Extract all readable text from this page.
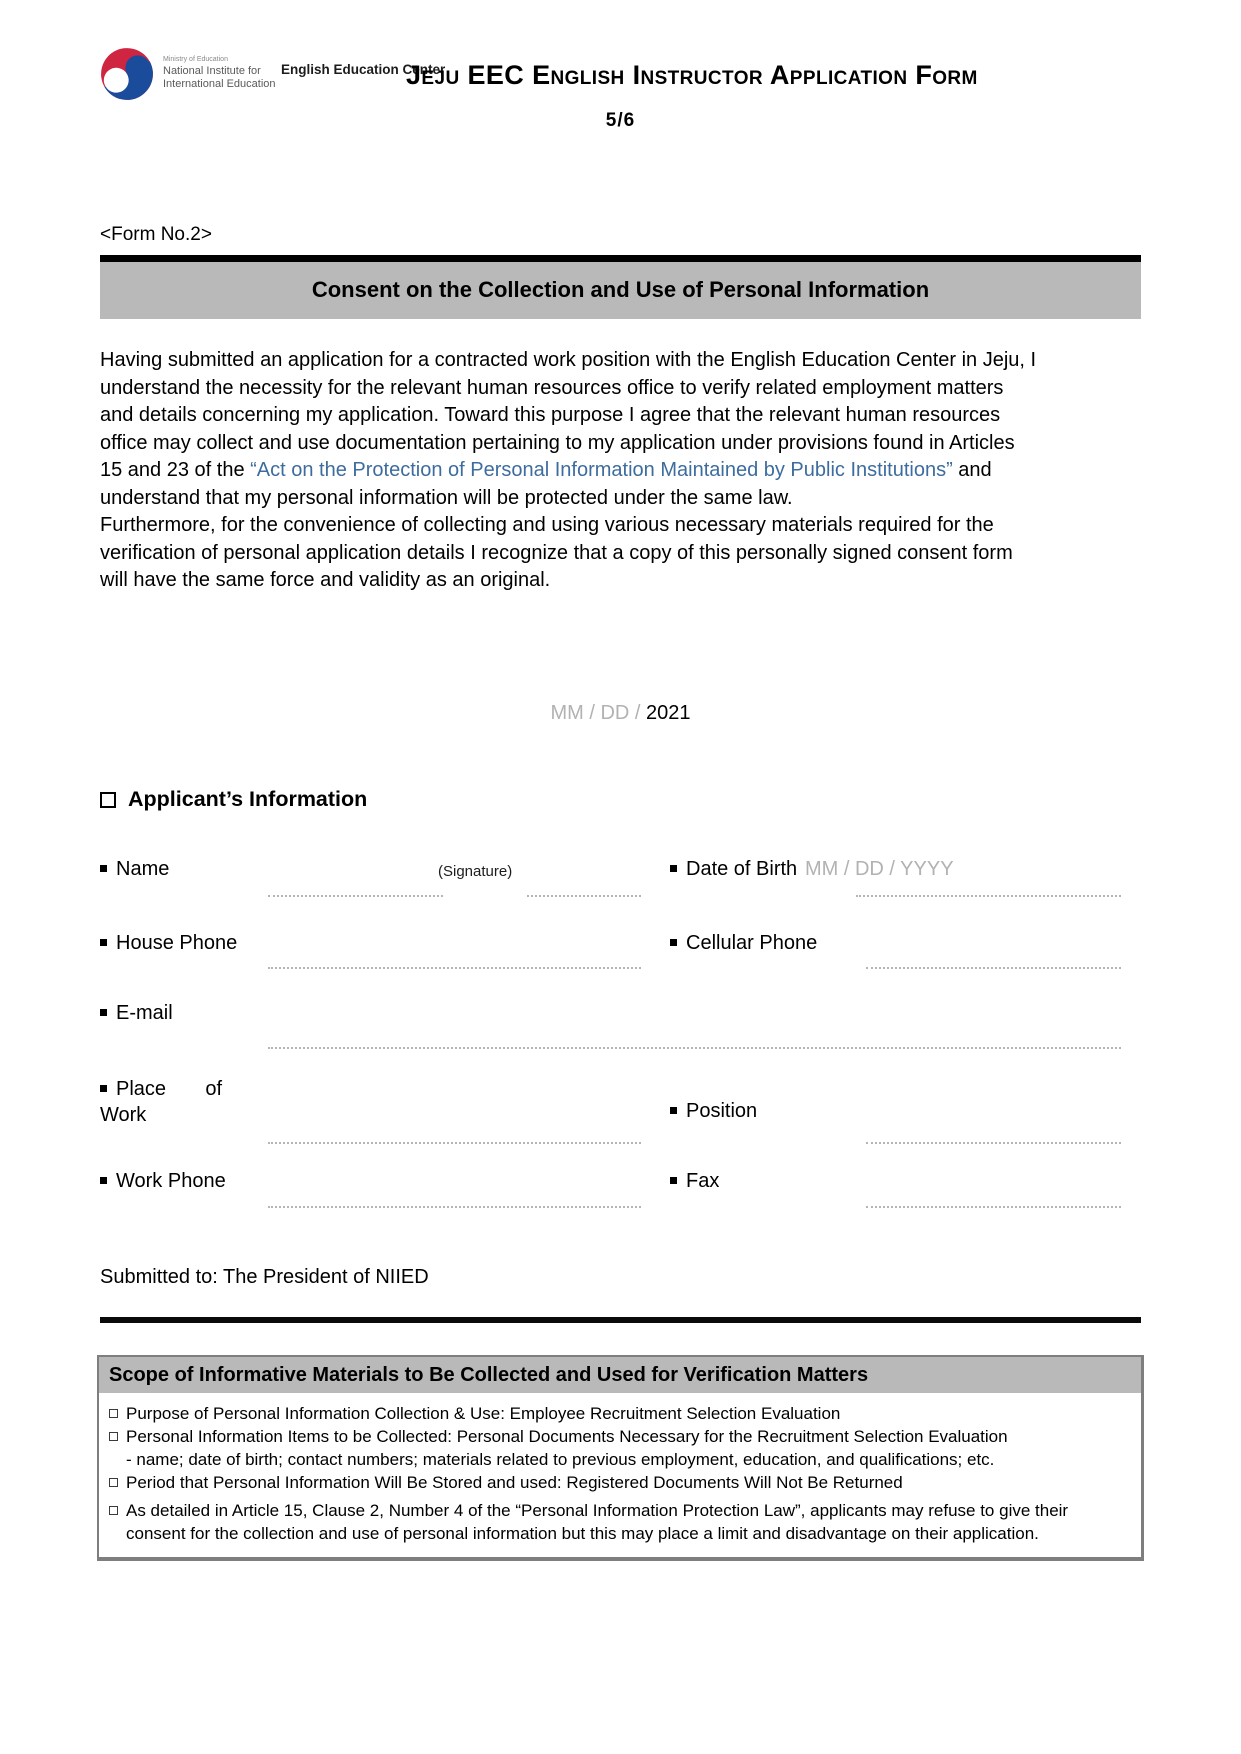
Ministry of Education
National Institute for
International Education
English Education Center
Jeju EEC English Instructor Application Form
5/6
<Form No.2>
Consent on the Collection and Use of Personal Information

Having submitted an application for a contracted work position with the English Education Center in Jeju, I understand the necessity for the relevant human resources office to verify related employment matters and details concerning my application. Toward this purpose I agree that the relevant human resources office may collect and use documentation pertaining to my application under provisions found in Articles 15 and 23 of the “Act on the Protection of Personal Information Maintained by Public Institutions” and understand that my personal information will be protected under the same law.

Furthermore, for the convenience of collecting and using various necessary materials required for the verification of personal application details I recognize that a copy of this personally signed consent form will have the same force and validity as an original.

MM / DD / 2021
Applicant’s Information
Name	(Signature)	Date of Birth MM / DD / YYYY
House Phone	Cellular Phone
E-mail
Place of Work	Position
Work Phone	Fax
Submitted to: The President of NIIED
Scope of Informative Materials to Be Collected and Used for Verification Matters
Purpose of Personal Information Collection & Use: Employee Recruitment Selection Evaluation
Personal Information Items to be Collected: Personal Documents Necessary for the Recruitment Selection Evaluation
- name; date of birth; contact numbers; materials related to previous employment, education, and qualifications; etc.
Period that Personal Information Will Be Stored and used: Registered Documents Will Not Be Returned
As detailed in Article 15, Clause 2, Number 4 of the “Personal Information Protection Law”, applicants may refuse to give their consent for the collection and use of personal information but this may place a limit and disadvantage on their application.
